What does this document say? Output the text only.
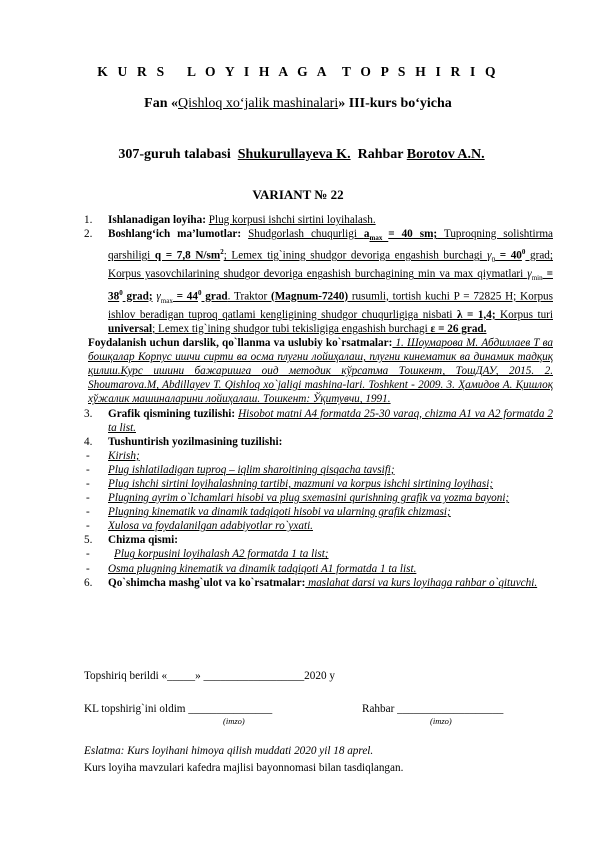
K U R S   L O Y I H A G A  T O P S H I R I Q
Fan «Qishloq xo‘jalik mashinalari» III-kurs bo‘yicha

307-guruh talabasi  Shukurullayeva K.  Rahbar Borotov A.N.

VARIANT № 22
1. Ishlanadigan loyiha: Plug korpusi ishchi sirtini loyihalash.
2. Boshlang‘ich ma’lumotlar: Shudgorlash chuqurligi $a_{max} = 40$ sm; Tuproqning solishtirma qarshiligi q = 7,8 $N/sm^2$; Lemex tig`ining shudgor devoriga engashish burchagi $\gamma_0 = 40^0$ grad; Korpus yasovchilarining shudgor devoriga engashish burchagining min va max qiymatlari $\gamma_{min} = 38^0$ grad; $\gamma_{max} = 44^0$ grad. Traktor (Magnum-7240) rusumli, tortish kuchi P = 72825 H; Korpus ishlov beradigan tuproq qatlami kengligining shudgor chuqurligiga nisbati λ = 1,4; Korpus turi universal; Lemex tig`ining shudgor tubi tekisligiga engashish burchagi ε = 26 grad.
Foydalanish uchun darslik, qo`llanma va uslubiy ko`rsatmalar: 1. Шоумарова М. Абдиллаев Т ва бошқалар Корпус ишчи сирти ва осма плугни лойиҳалаш, плугни кинематик ва динамик тадқиқ қилиш.Курс ишини бажаришга оид методик кўрсатма Тошкент, ТошДАУ, 2015. 2. Shoumarova.M, Abdillayev T. Qishloq xo`jaligi mashina-lari. Toshkent - 2009. 3. Ҳамидов А. Қишлоқ хўжалик машиналарини лойиҳалаш. Тошкент: Ўқитувчи, 1991.
3. Grafik qismining tuzilishi: Hisobot matni A4 formatda 25-30 varaq, chizma A1 va A2 formatda 2 ta list.
4. Tushuntirish yozilmasining tuzilishi:
- Kirish;
- Plug ishlatiladigan tuproq – iqlim sharoitining qisqacha tavsifi;
- Plug ishchi sirtini loyihalashning tartibi, mazmuni va korpus ishchi sirtining loyihasi;
- Plugning ayrim o`lchamlari hisobi va plug sxemasini qurishning grafik va yozma bayoni;
- Plugning kinematik va dinamik tadqiqoti hisobi va ularning grafik chizmasi;
- Xulosa va foydalanilgan adabiyotlar ro`yxati.
5. Chizma qismi:
- Plug korpusini loyihalash A2 formatda 1 ta list;
- Osma plugning kinematik va dinamik tadqiqoti A1 formatda 1 ta list.
6. Qo`shimcha mashg`ulot va ko`rsatmalar: maslahat darsi va kurs loyihaga rahbar o`qituvchi.
Topshiriq berildi «_____» __________________2020 y
KL topshirig`ini oldim _______________	Rahbar ___________________
(imzo)	(imzo)
Eslatma: Kurs loyihani himoya qilish muddati 2020 yil 18 aprel.
Kurs loyiha mavzulari kafedra majlisi bayonnomasi bilan tasdiqlangan.
